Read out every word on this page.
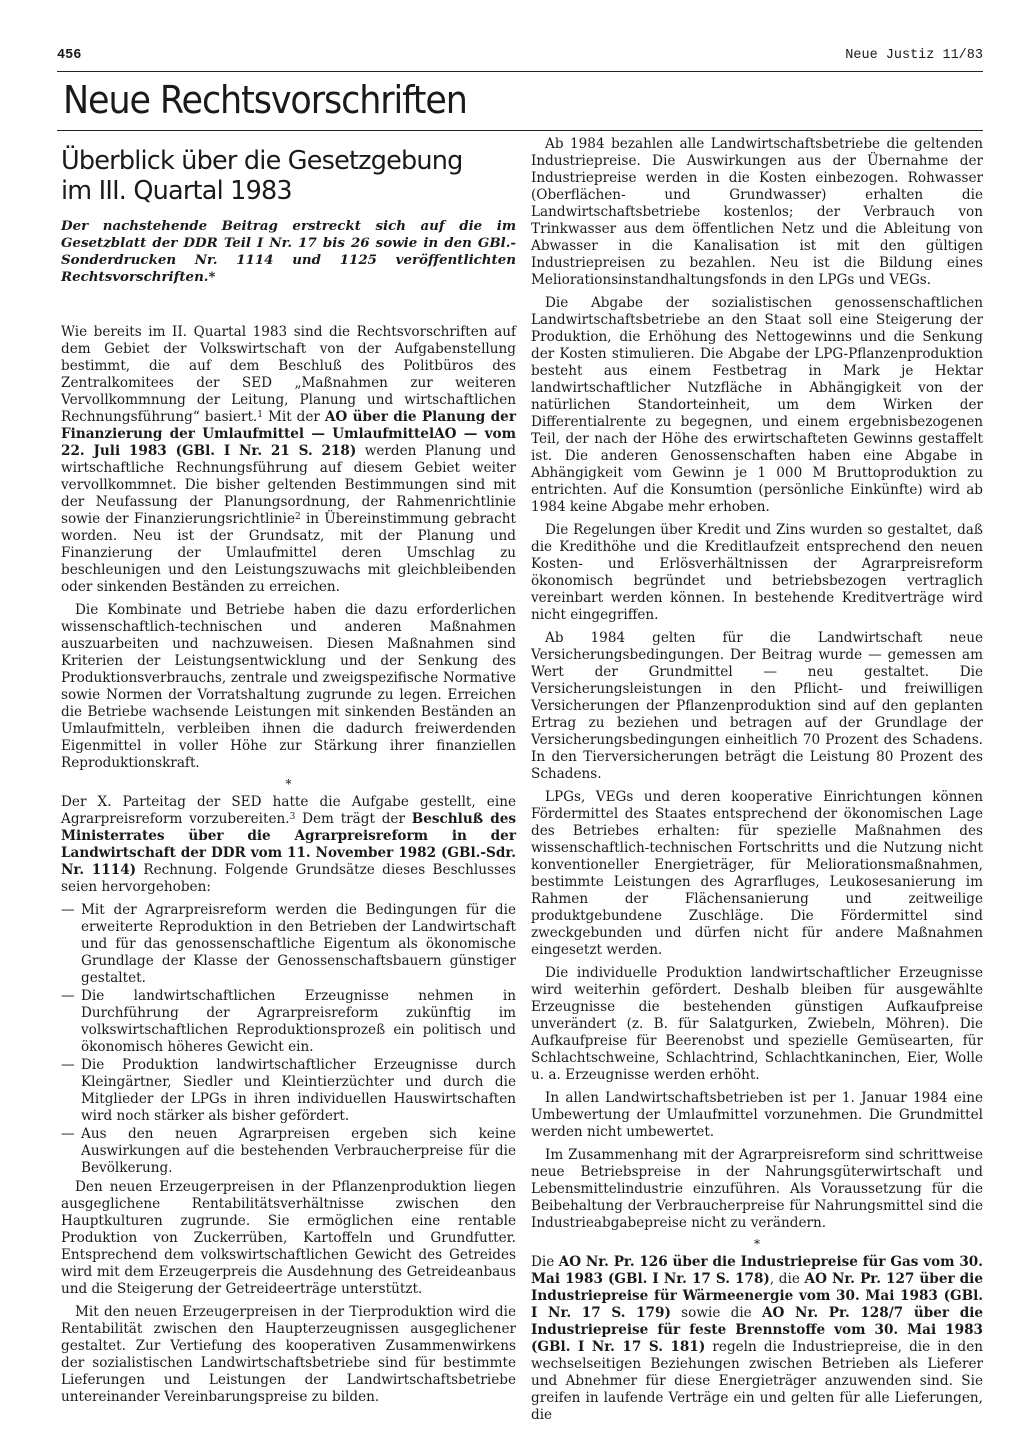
456	Neue Justiz 11/83
Neue Rechtsvorschriften
Überblick über die Gesetzgebung
im III. Quartal 1983

Der nachstehende Beitrag erstreckt sich auf die im Gesetzblatt der DDR Teil I Nr. 17 bis 26 sowie in den GBl.-Sonderdrucken Nr. 1114 und 1125 veröffentlichten Rechtsvorschriften.*

Wie bereits im II. Quartal 1983 sind die Rechtsvorschriften auf dem Gebiet der Volkswirtschaft von der Aufgabenstellung bestimmt, die auf dem Beschluß des Politbüros des Zentralkomitees der SED „Maßnahmen zur weiteren Vervollkommnung der Leitung, Planung und wirtschaftlichen Rechnungsführung“ basiert.$^1$ Mit der AO über die Planung der Finanzierung der Umlaufmittel — UmlaufmittelAO — vom 22. Juli 1983 (GBl. I Nr. 21 S. 218) werden Planung und wirtschaftliche Rechnungsführung auf diesem Gebiet weiter vervollkommnet. Die bisher geltenden Bestimmungen sind mit der Neufassung der Planungsordnung, der Rahmenrichtlinie sowie der Finanzierungsrichtlinie$^2$ in Übereinstimmung gebracht worden. Neu ist der Grundsatz, mit der Planung und Finanzierung der Umlaufmittel deren Umschlag zu beschleunigen und den Leistungszuwachs mit gleichbleibenden oder sinkenden Beständen zu erreichen.

Die Kombinate und Betriebe haben die dazu erforderlichen wissenschaftlich-technischen und anderen Maßnahmen auszuarbeiten und nachzuweisen. Diesen Maßnahmen sind Kriterien der Leistungsentwicklung und der Senkung des Produktionsverbrauchs, zentrale und zweigspezifische Normative sowie Normen der Vorratshaltung zugrunde zu legen. Erreichen die Betriebe wachsende Leistungen mit sinkenden Beständen an Umlaufmitteln, verbleiben ihnen die dadurch freiwerdenden Eigenmittel in voller Höhe zur Stärkung ihrer finanziellen Reproduktionskraft.

*

Der X. Parteitag der SED hatte die Aufgabe gestellt, eine Agrarpreisreform vorzubereiten.$^3$ Dem trägt der Beschluß des Ministerrates über die Agrarpreisreform in der Landwirtschaft der DDR vom 11. November 1982 (GBl.-Sdr. Nr. 1114) Rechnung. Folgende Grundsätze dieses Beschlusses seien hervorgehoben:

— Mit der Agrarpreisreform werden die Bedingungen für die erweiterte Reproduktion in den Betrieben der Landwirtschaft und für das genossenschaftliche Eigentum als ökonomische Grundlage der Klasse der Genossenschaftsbauern günstiger gestaltet.
— Die landwirtschaftlichen Erzeugnisse nehmen in Durchführung der Agrarpreisreform zukünftig im volkswirtschaftlichen Reproduktionsprozeß ein politisch und ökonomisch höheres Gewicht ein.
— Die Produktion landwirtschaftlicher Erzeugnisse durch Kleingärtner, Siedler und Kleintierzüchter und durch die Mitglieder der LPGs in ihren individuellen Hauswirtschaften wird noch stärker als bisher gefördert.
— Aus den neuen Agrarpreisen ergeben sich keine Auswirkungen auf die bestehenden Verbraucherpreise für die Bevölkerung.

Den neuen Erzeugerpreisen in der Pflanzenproduktion liegen ausgeglichene Rentabilitätsverhältnisse zwischen den Hauptkulturen zugrunde. Sie ermöglichen eine rentable Produktion von Zuckerrüben, Kartoffeln und Grundfutter. Entsprechend dem volkswirtschaftlichen Gewicht des Getreides wird mit dem Erzeugerpreis die Ausdehnung des Getreideanbaus und die Steigerung der Getreideerträge unterstützt.

Mit den neuen Erzeugerpreisen in der Tierproduktion wird die Rentabilität zwischen den Haupterzeugnissen ausgeglichener gestaltet. Zur Vertiefung des kooperativen Zusammenwirkens der sozialistischen Landwirtschaftsbetriebe sind für bestimmte Lieferungen und Leistungen der Landwirtschaftsbetriebe untereinander Vereinbarungspreise zu bilden.

Ab 1984 bezahlen alle Landwirtschaftsbetriebe die geltenden Industriepreise. Die Auswirkungen aus der Übernahme der Industriepreise werden in die Kosten einbezogen. Rohwasser (Oberflächen- und Grundwasser) erhalten die Landwirtschaftsbetriebe kostenlos; der Verbrauch von Trinkwasser aus dem öffentlichen Netz und die Ableitung von Abwasser in die Kanalisation ist mit den gültigen Industriepreisen zu bezahlen. Neu ist die Bildung eines Meliorationsinstandhaltungsfonds in den LPGs und VEGs.

Die Abgabe der sozialistischen genossenschaftlichen Landwirtschaftsbetriebe an den Staat soll eine Steigerung der Produktion, die Erhöhung des Nettogewinns und die Senkung der Kosten stimulieren. Die Abgabe der LPG-Pflanzenproduktion besteht aus einem Festbetrag in Mark je Hektar landwirtschaftlicher Nutzfläche in Abhängigkeit von der natürlichen Standorteinheit, um dem Wirken der Differentialrente zu begegnen, und einem ergebnisbezogenen Teil, der nach der Höhe des erwirtschafteten Gewinns gestaffelt ist. Die anderen Genossenschaften haben eine Abgabe in Abhängigkeit vom Gewinn je 1 000 M Bruttoproduktion zu entrichten. Auf die Konsumtion (persönliche Einkünfte) wird ab 1984 keine Abgabe mehr erhoben.

Die Regelungen über Kredit und Zins wurden so gestaltet, daß die Kredithöhe und die Kreditlaufzeit entsprechend den neuen Kosten- und Erlösverhältnissen der Agrarpreisreform ökonomisch begründet und betriebsbezogen vertraglich vereinbart werden können. In bestehende Kreditverträge wird nicht eingegriffen.

Ab 1984 gelten für die Landwirtschaft neue Versicherungsbedingungen. Der Beitrag wurde — gemessen am Wert der Grundmittel — neu gestaltet. Die Versicherungsleistungen in den Pflicht- und freiwilligen Versicherungen der Pflanzenproduktion sind auf den geplanten Ertrag zu beziehen und betragen auf der Grundlage der Versicherungsbedingungen einheitlich 70 Prozent des Schadens. In den Tierversicherungen beträgt die Leistung 80 Prozent des Schadens.

LPGs, VEGs und deren kooperative Einrichtungen können Fördermittel des Staates entsprechend der ökonomischen Lage des Betriebes erhalten: für spezielle Maßnahmen des wissenschaftlich-technischen Fortschritts und die Nutzung nicht konventioneller Energieträger, für Meliorationsmaßnahmen, bestimmte Leistungen des Agrarfluges, Leukosesanierung im Rahmen der Flächensanierung und zeitweilige produktgebundene Zuschläge. Die Fördermittel sind zweckgebunden und dürfen nicht für andere Maßnahmen eingesetzt werden.

Die individuelle Produktion landwirtschaftlicher Erzeugnisse wird weiterhin gefördert. Deshalb bleiben für ausgewählte Erzeugnisse die bestehenden günstigen Aufkaufpreise unverändert (z. B. für Salatgurken, Zwiebeln, Möhren). Die Aufkaufpreise für Beerenobst und spezielle Gemüsearten, für Schlachtschweine, Schlachtrind, Schlachtkaninchen, Eier, Wolle u. a. Erzeugnisse werden erhöht.

In allen Landwirtschaftsbetrieben ist per 1. Januar 1984 eine Umbewertung der Umlaufmittel vorzunehmen. Die Grundmittel werden nicht umbewertet.

Im Zusammenhang mit der Agrarpreisreform sind schrittweise neue Betriebspreise in der Nahrungsgüterwirtschaft und Lebensmittelindustrie einzuführen. Als Voraussetzung für die Beibehaltung der Verbraucherpreise für Nahrungsmittel sind die Industrieabgabepreise nicht zu verändern.

*

Die AO Nr. Pr. 126 über die Industriepreise für Gas vom 30. Mai 1983 (GBl. I Nr. 17 S. 178), die AO Nr. Pr. 127 über die Industriepreise für Wärmeenergie vom 30. Mai 1983 (GBl. I Nr. 17 S. 179) sowie die AO Nr. Pr. 128/7 über die Industriepreise für feste Brennstoffe vom 30. Mai 1983 (GBl. I Nr. 17 S. 181) regeln die Industriepreise, die in den wechselseitigen Beziehungen zwischen Betrieben als Lieferer und Abnehmer für diese Energieträger anzuwenden sind. Sie greifen in laufende Verträge ein und gelten für alle Lieferungen, die
